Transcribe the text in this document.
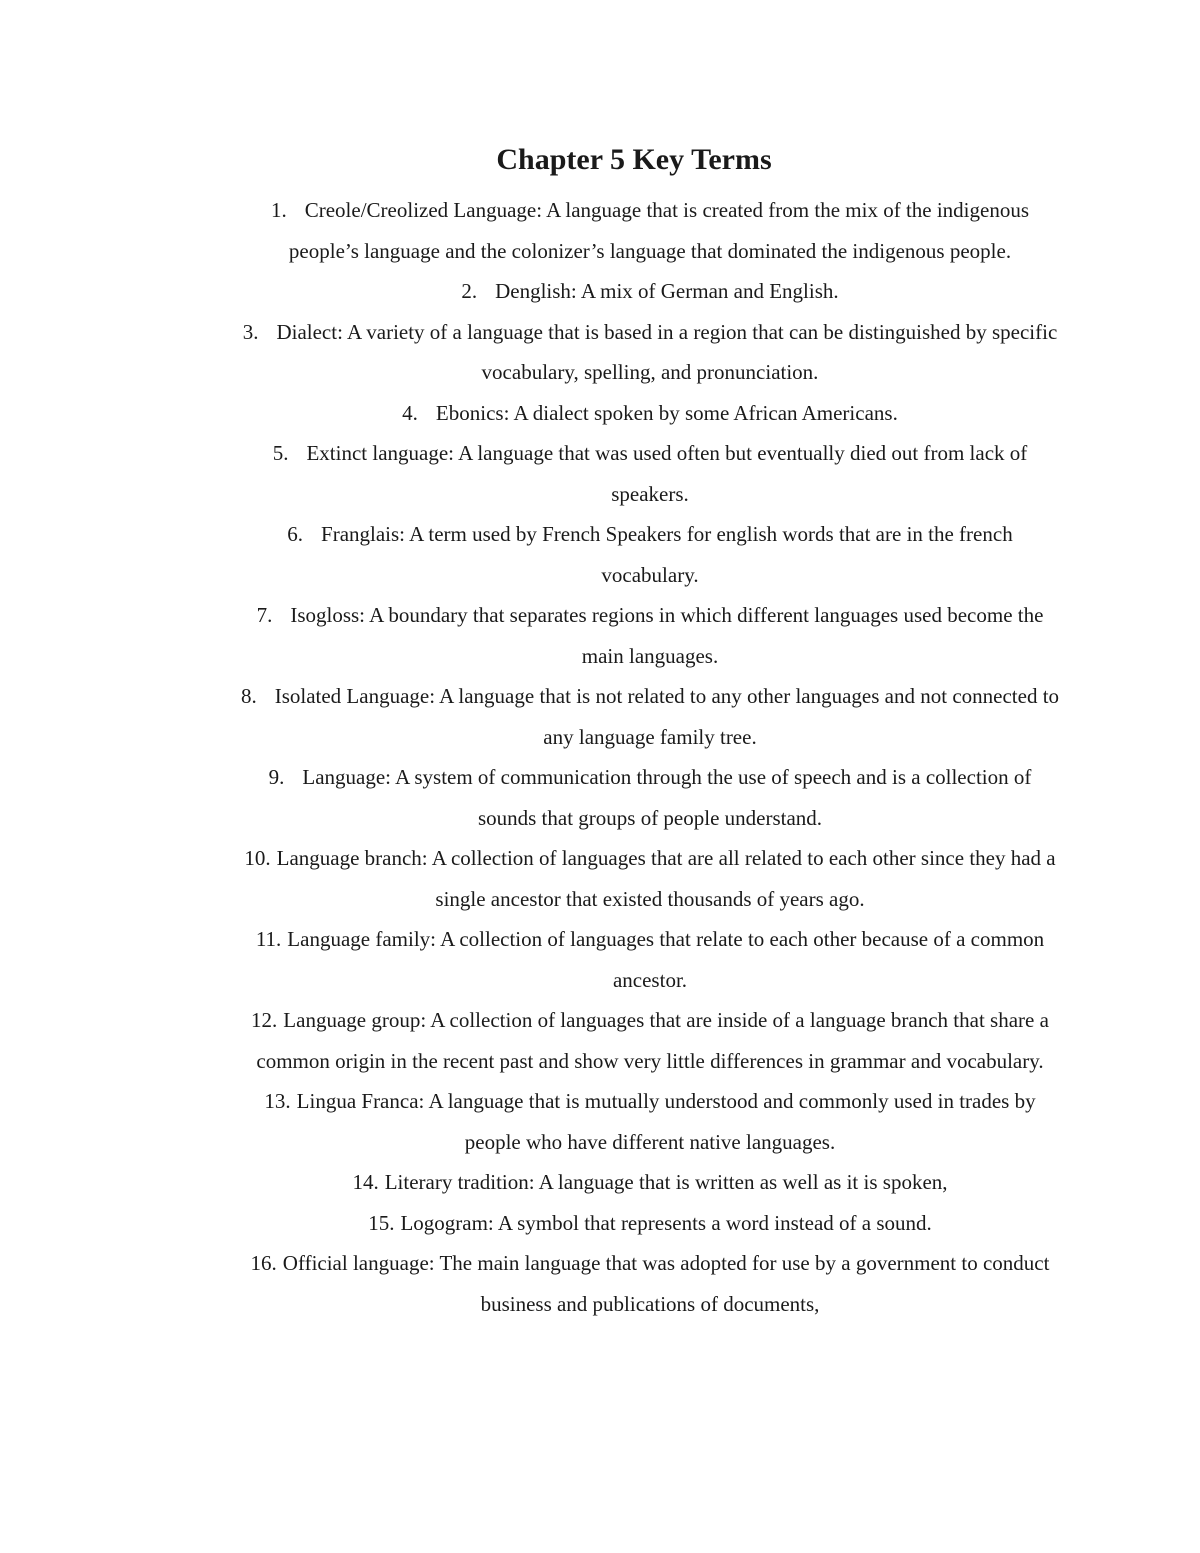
Chapter 5 Key Terms
1. Creole/Creolized Language: A language that is created from the mix of the indigenous people’s language and the colonizer’s language that dominated the indigenous people.
2. Denglish: A mix of German and English.
3. Dialect: A variety of a language that is based in a region that can be distinguished by specific vocabulary, spelling, and pronunciation.
4. Ebonics: A dialect spoken by some African Americans.
5. Extinct language: A language that was used often but eventually died out from lack of speakers.
6. Franglais: A term used by French Speakers for english words that are in the french vocabulary.
7. Isogloss: A boundary that separates regions in which different languages used become the main languages.
8. Isolated Language: A language that is not related to any other languages and not connected to any language family tree.
9. Language: A system of communication through the use of speech and is a collection of sounds that groups of people understand.
10. Language branch: A collection of languages that are all related to each other since they had a single ancestor that existed thousands of years ago.
11. Language family: A collection of languages that relate to each other because of a common ancestor.
12. Language group: A collection of languages that are inside of a language branch that share a common origin in the recent past and show very little differences in grammar and vocabulary.
13. Lingua Franca: A language that is mutually understood and commonly used in trades by people who have different native languages.
14. Literary tradition: A language that is written as well as it is spoken,
15. Logogram: A symbol that represents a word instead of a sound.
16. Official language: The main language that was adopted for use by a government to conduct business and publications of documents,
